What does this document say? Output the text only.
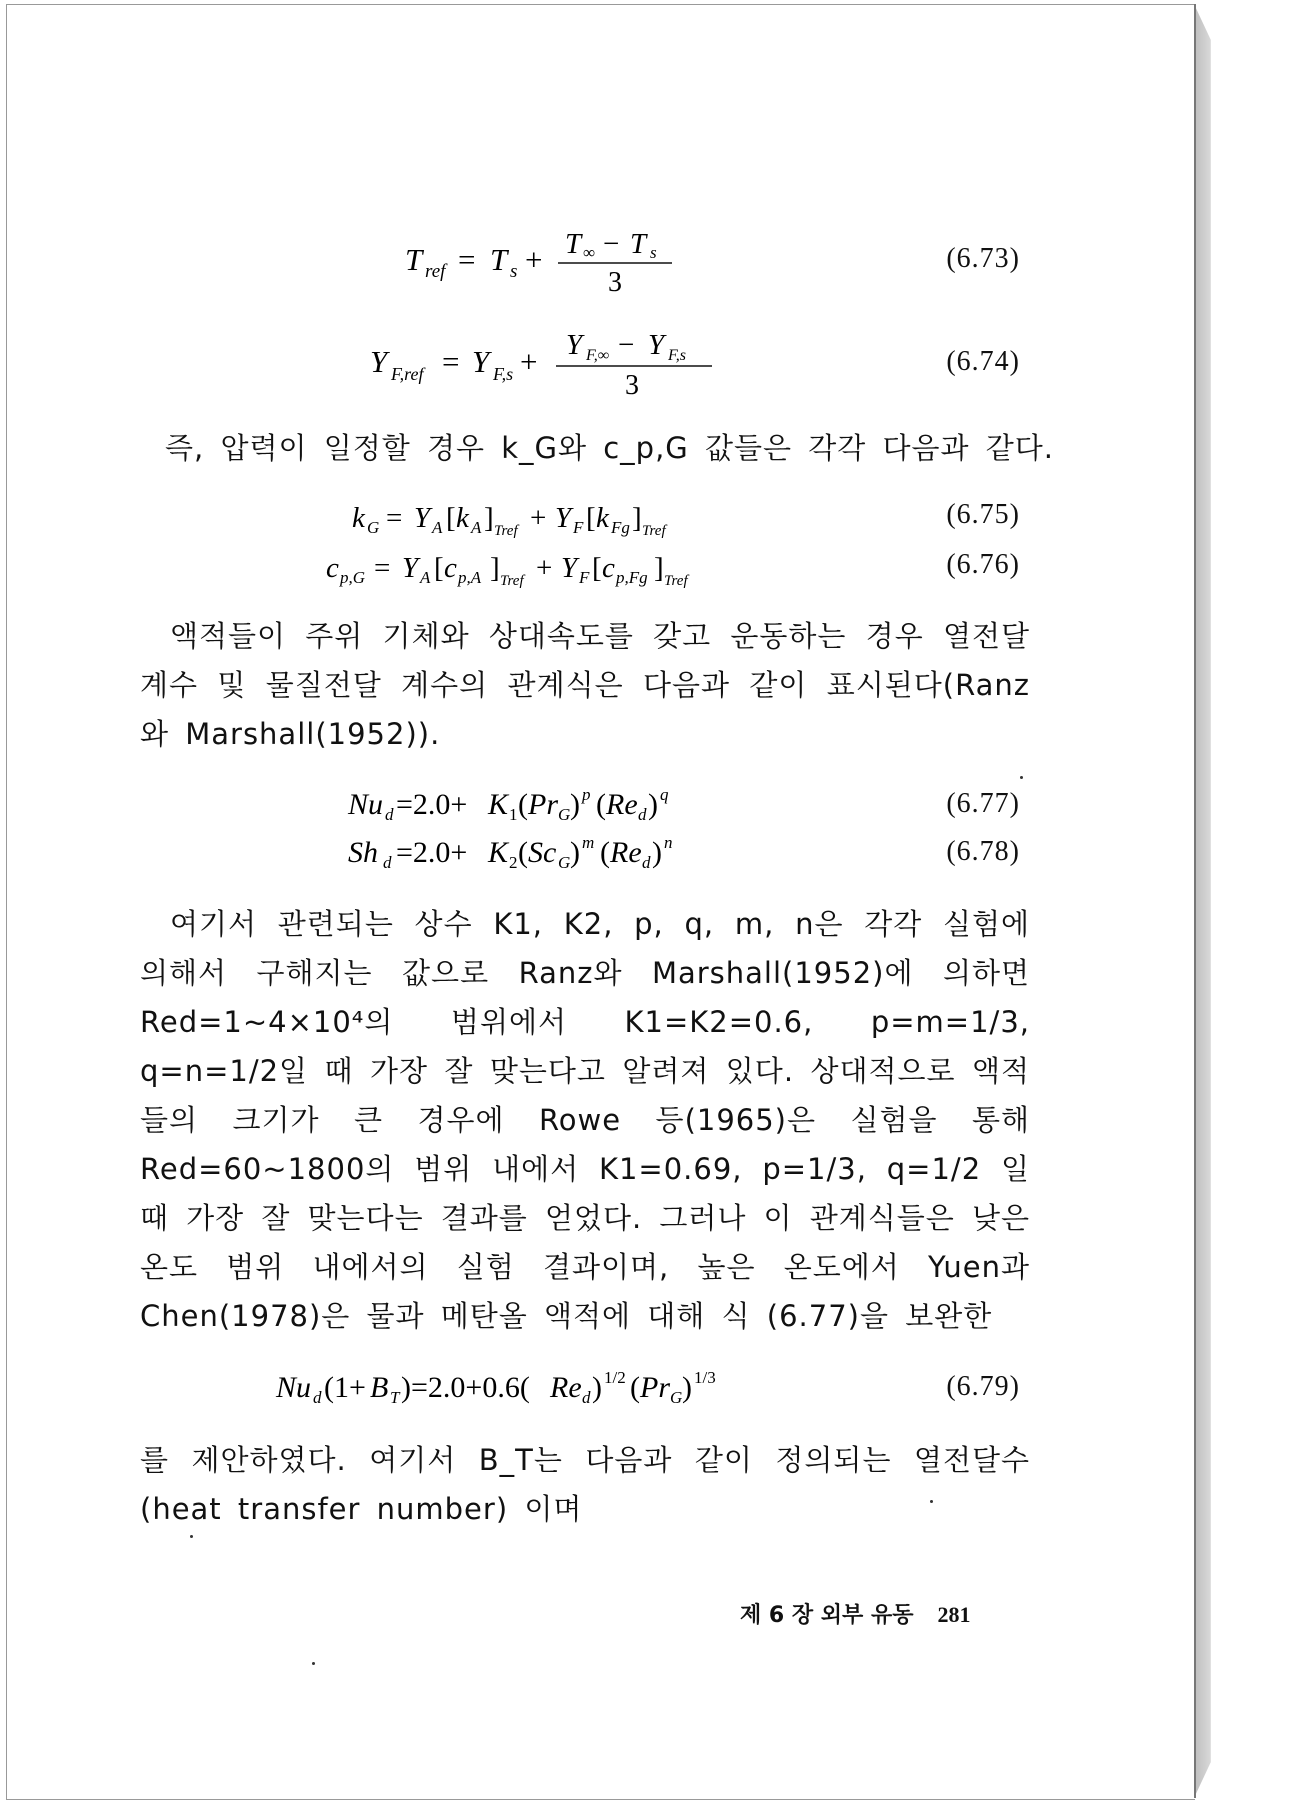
T ref = T s + T ∞ − T s
3
(6.73)
Y F,ref = Y F,s + Y F,∞ − Y F,s
3
(6.74)
즉, 압력이 일정할 경우 k_G와 c_p,G 값들은 각각 다음과 같다.
k G = Y A [ k A ] Tref + Y F [ k Fg ] Tref
(6.75)
c p,G = Y A [ c p,A ] Tref + Y F [ c p,Fg ] Tref
(6.76)
액적들이 주위 기체와 상대속도를 갖고 운동하는 경우 열전달 계수 및 물질전달 계수의 관계식은 다음과 같이 표시된다(Ranz와 Marshall(1952)).
Nu d =2.0+ K 1 ( Pr G ) p ( Re d ) q	(6.77)
Sh d =2.0+ K 2 ( Sc G ) m ( Re d ) n	(6.78)
여기서 관련되는 상수 K1, K2, p, q, m, n은 각각 실험에 의해서 구해지는 값으로 Ranz와 Marshall(1952)에 의하면 Red=1~4×10⁴의 범위에서 K1=K2=0.6, p=m=1/3, q=n=1/2일 때 가장 잘 맞는다고 알려져 있다. 상대적으로 액적들의 크기가 큰 경우에 Rowe 등(1965)은 실험을 통해 Red=60~1800의 범위 내에서 K1=0.69, p=1/3, q=1/2 일 때 가장 잘 맞는다는 결과를 얻었다. 그러나 이 관계식들은 낮은 온도 범위 내에서의 실험 결과이며, 높은 온도에서 Yuen과 Chen(1978)은 물과 메탄올 액적에 대해 식 (6.77)을 보완한
Nu d (1+ B T )=2.0+0.6( Re d ) 1/2 ( Pr G ) 1/3	(6.79)
를 제안하였다. 여기서 B_T는 다음과 같이 정의되는 열전달수 (heat transfer number) 이며
제 6 장 외부 유동 281
